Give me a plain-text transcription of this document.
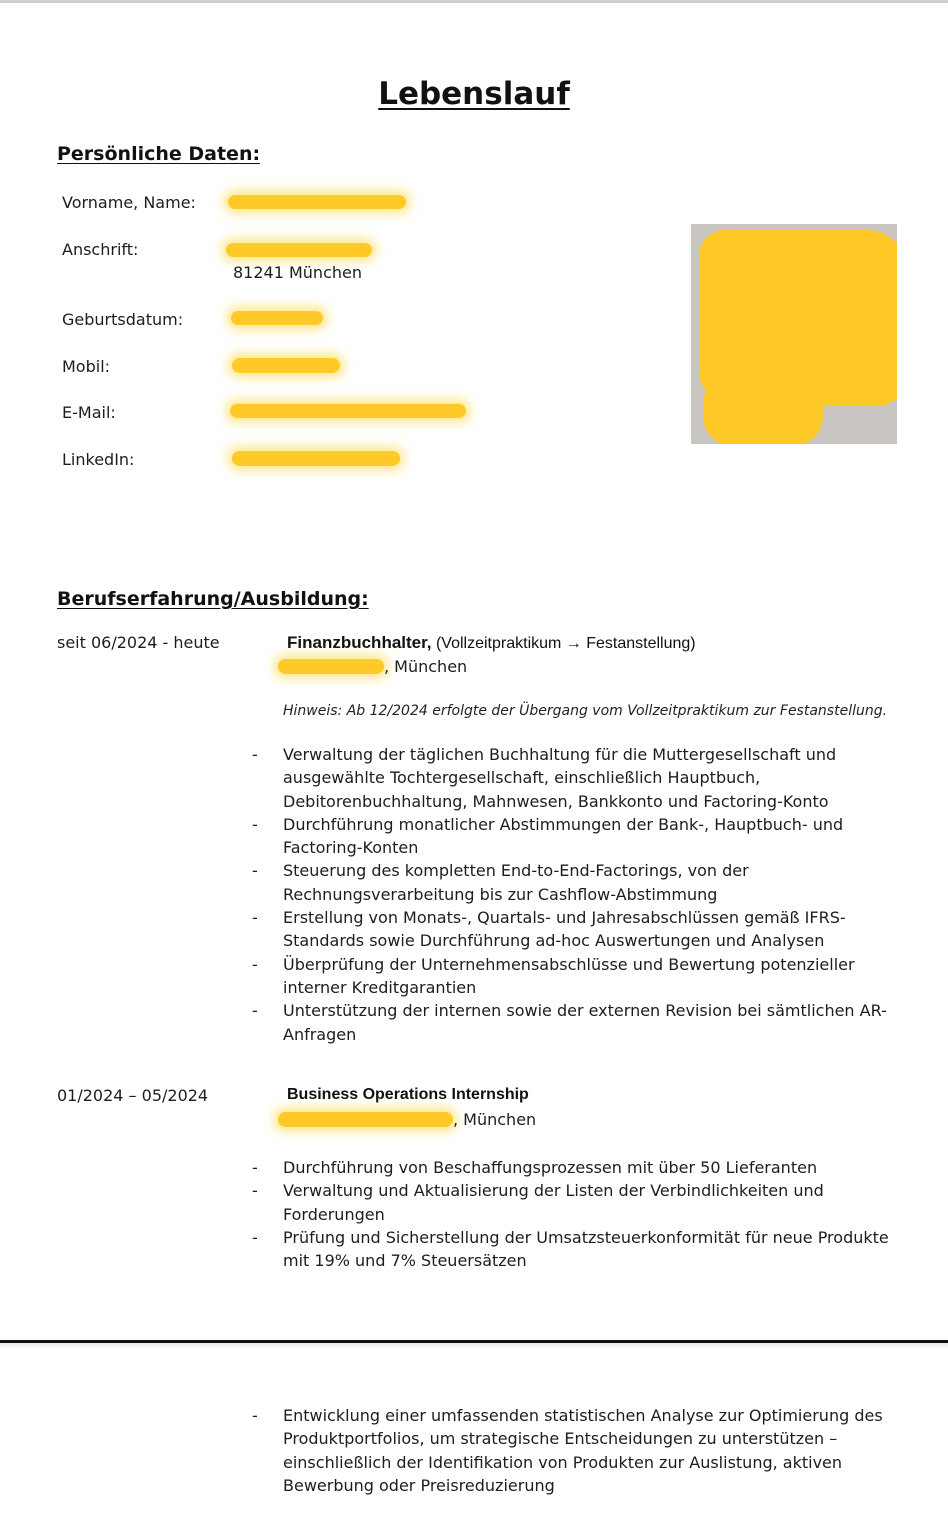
Lebenslauf
Persönliche Daten:
Vorname, Name:
Anschrift:
81241 München
Geburtsdatum:
Mobil:
E-Mail:
LinkedIn:
Berufserfahrung/Ausbildung:
seit 06/2024 - heute	Finanzbuchhalter, (Vollzeitpraktikum → Festanstellung)
, München
Hinweis: Ab 12/2024 erfolgte der Übergang vom Vollzeitpraktikum zur Festanstellung.
- Verwaltung der täglichen Buchhaltung für die Muttergesellschaft und ausgewählte Tochtergesellschaft, einschließlich Hauptbuch, Debitorenbuchhaltung, Mahnwesen, Bankkonto und Factoring-Konto
- Durchführung monatlicher Abstimmungen der Bank-, Hauptbuch- und Factoring-Konten
- Steuerung des kompletten End-to-End-Factorings, von der Rechnungsverarbeitung bis zur Cashflow-Abstimmung
- Erstellung von Monats-, Quartals- und Jahresabschlüssen gemäß IFRS-Standards sowie Durchführung ad-hoc Auswertungen und Analysen
- Überprüfung der Unternehmensabschlüsse und Bewertung potenzieller interner Kreditgarantien
- Unterstützung der internen sowie der externen Revision bei sämtlichen AR-Anfragen
01/2024 – 05/2024	Business Operations Internship
, München
- Durchführung von Beschaffungsprozessen mit über 50 Lieferanten
- Verwaltung und Aktualisierung der Listen der Verbindlichkeiten und Forderungen
- Prüfung und Sicherstellung der Umsatzsteuerkonformität für neue Produkte mit 19% und 7% Steuersätzen
- Entwicklung einer umfassenden statistischen Analyse zur Optimierung des Produktportfolios, um strategische Entscheidungen zu unterstützen – einschließlich der Identifikation von Produkten zur Auslistung, aktiven Bewerbung oder Preisreduzierung
